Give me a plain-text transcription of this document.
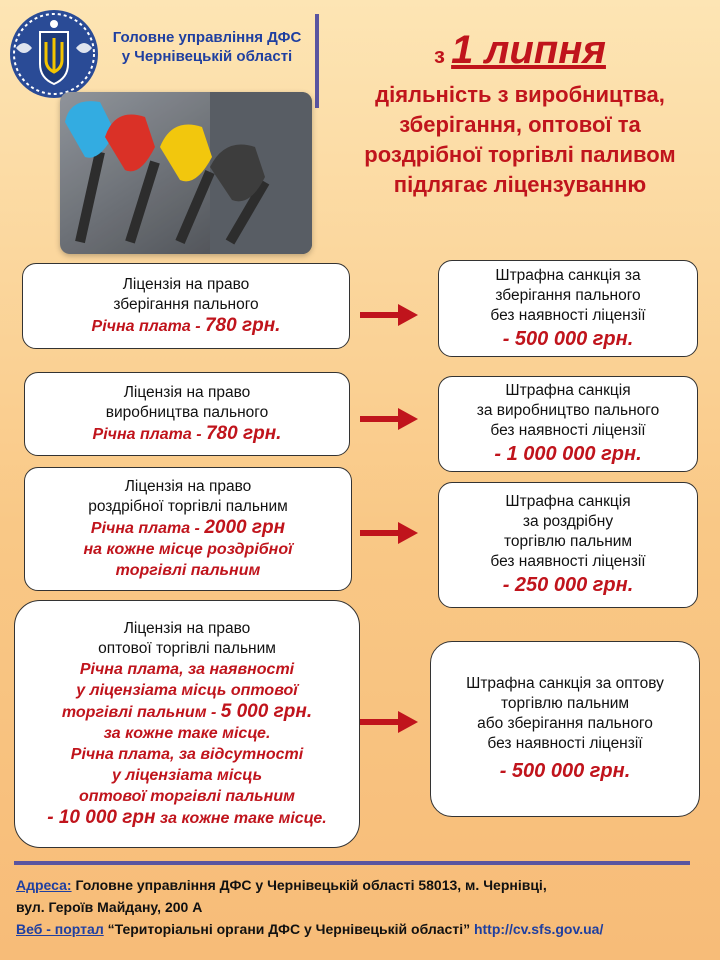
Головне управління ДФС
у Чернівецькій області	з 1 липня
діяльність з виробництва,
зберігання, оптової та
роздрібної торгівлі паливом
підлягає ліцензуванню
Ліцензія на право
зберігання пального
Річна плата - 780 грн.
Ліцензія на право
виробництва пального
Річна плата - 780 грн.
Ліцензія на право
роздрібної торгівлі пальним
Річна плата - 2000 грн
на кожне місце роздрібної
торгівлі пальним
Ліцензія на право
оптової торгівлі пальним
Річна плата, за наявності
у ліцензіата місць оптової
торгівлі пальним - 5 000 грн.
за кожне таке місце.
Річна плата, за відсутності
у ліцензіата місць
оптової торгівлі пальним
- 10 000 грн за кожне таке місце.
Штрафна санкція за
зберігання пального
без наявності ліцензії
- 500 000 грн.
Штрафна санкція
за виробництво пального
без наявності ліцензії
- 1 000 000 грн.
Штрафна санкція
за роздрібну
торгівлю пальним
без наявності ліцензії
- 250 000 грн.
Штрафна санкція за оптову
торгівлю пальним
або зберігання пального
без наявності ліцензії
- 500 000 грн.
Адреса: Головне управління ДФС у Чернівецькій області 58013, м. Чернівці,
вул. Героїв Майдану, 200 А
Веб - портал “Територіальні органи ДФС у Чернівецькій області” http://cv.sfs.gov.ua/
